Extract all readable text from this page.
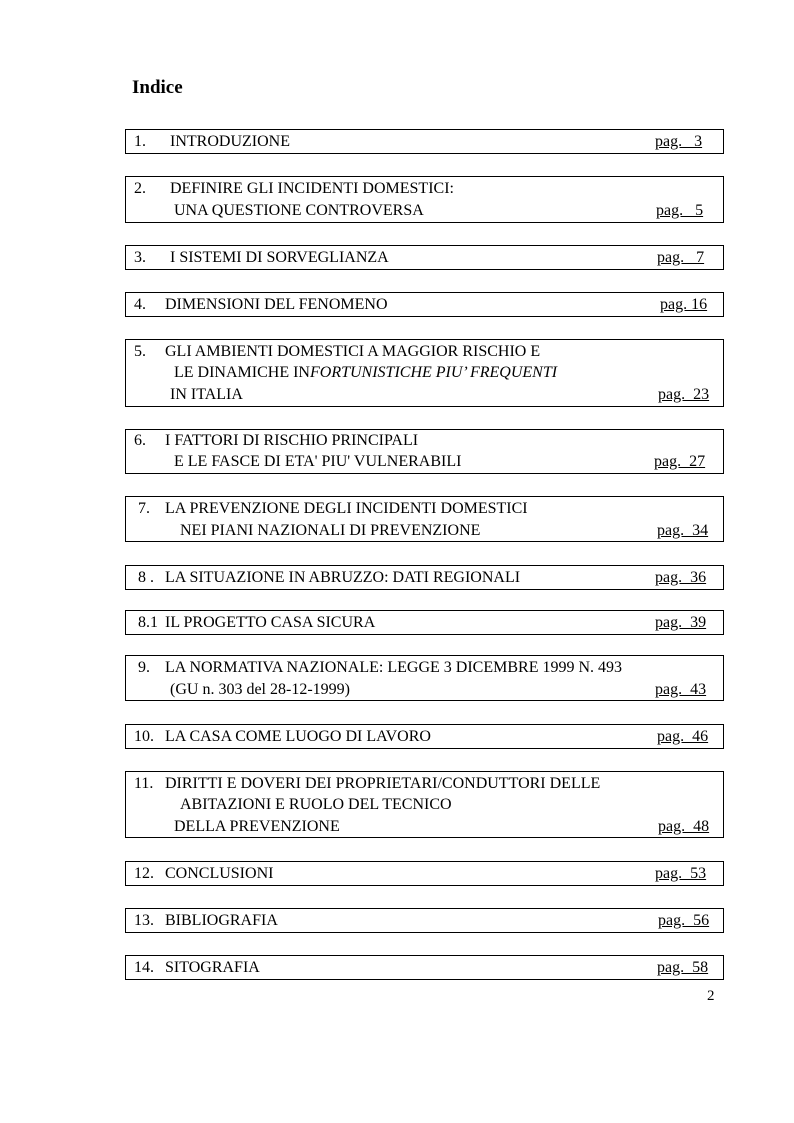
Indice
1. INTRODUZIONE	pag.   3
2. DEFINIRE GLI INCIDENTI DOMESTICI:
UNA QUESTIONE CONTROVERSA	pag.   5
3. I SISTEMI DI SORVEGLIANZA	pag.   7
4. DIMENSIONI DEL FENOMENO	pag. 16
5. GLI AMBIENTI DOMESTICI A MAGGIOR RISCHIO E
LE DINAMICHE INFORTUNISTICHE PIU’ FREQUENTI
IN ITALIA	pag.  23
6. I FATTORI DI RISCHIO PRINCIPALI
E LE FASCE DI ETA' PIU' VULNERABILI	pag.  27
7. LA PREVENZIONE DEGLI INCIDENTI DOMESTICI
NEI PIANI NAZIONALI DI PREVENZIONE	pag.  34
8 . LA SITUAZIONE IN ABRUZZO: DATI REGIONALI	pag.  36
8.1 IL PROGETTO CASA SICURA	pag.  39
9. LA NORMATIVA NAZIONALE: LEGGE 3 DICEMBRE 1999 N. 493
(GU n. 303 del 28-12-1999)	pag.  43
10. LA CASA COME LUOGO DI LAVORO	pag.  46
11. DIRITTI E DOVERI DEI PROPRIETARI/CONDUTTORI DELLE
ABITAZIONI E RUOLO DEL TECNICO
DELLA PREVENZIONE	pag.  48
12. CONCLUSIONI	pag.  53
13. BIBLIOGRAFIA	pag.  56
14. SITOGRAFIA	pag.  58
2
